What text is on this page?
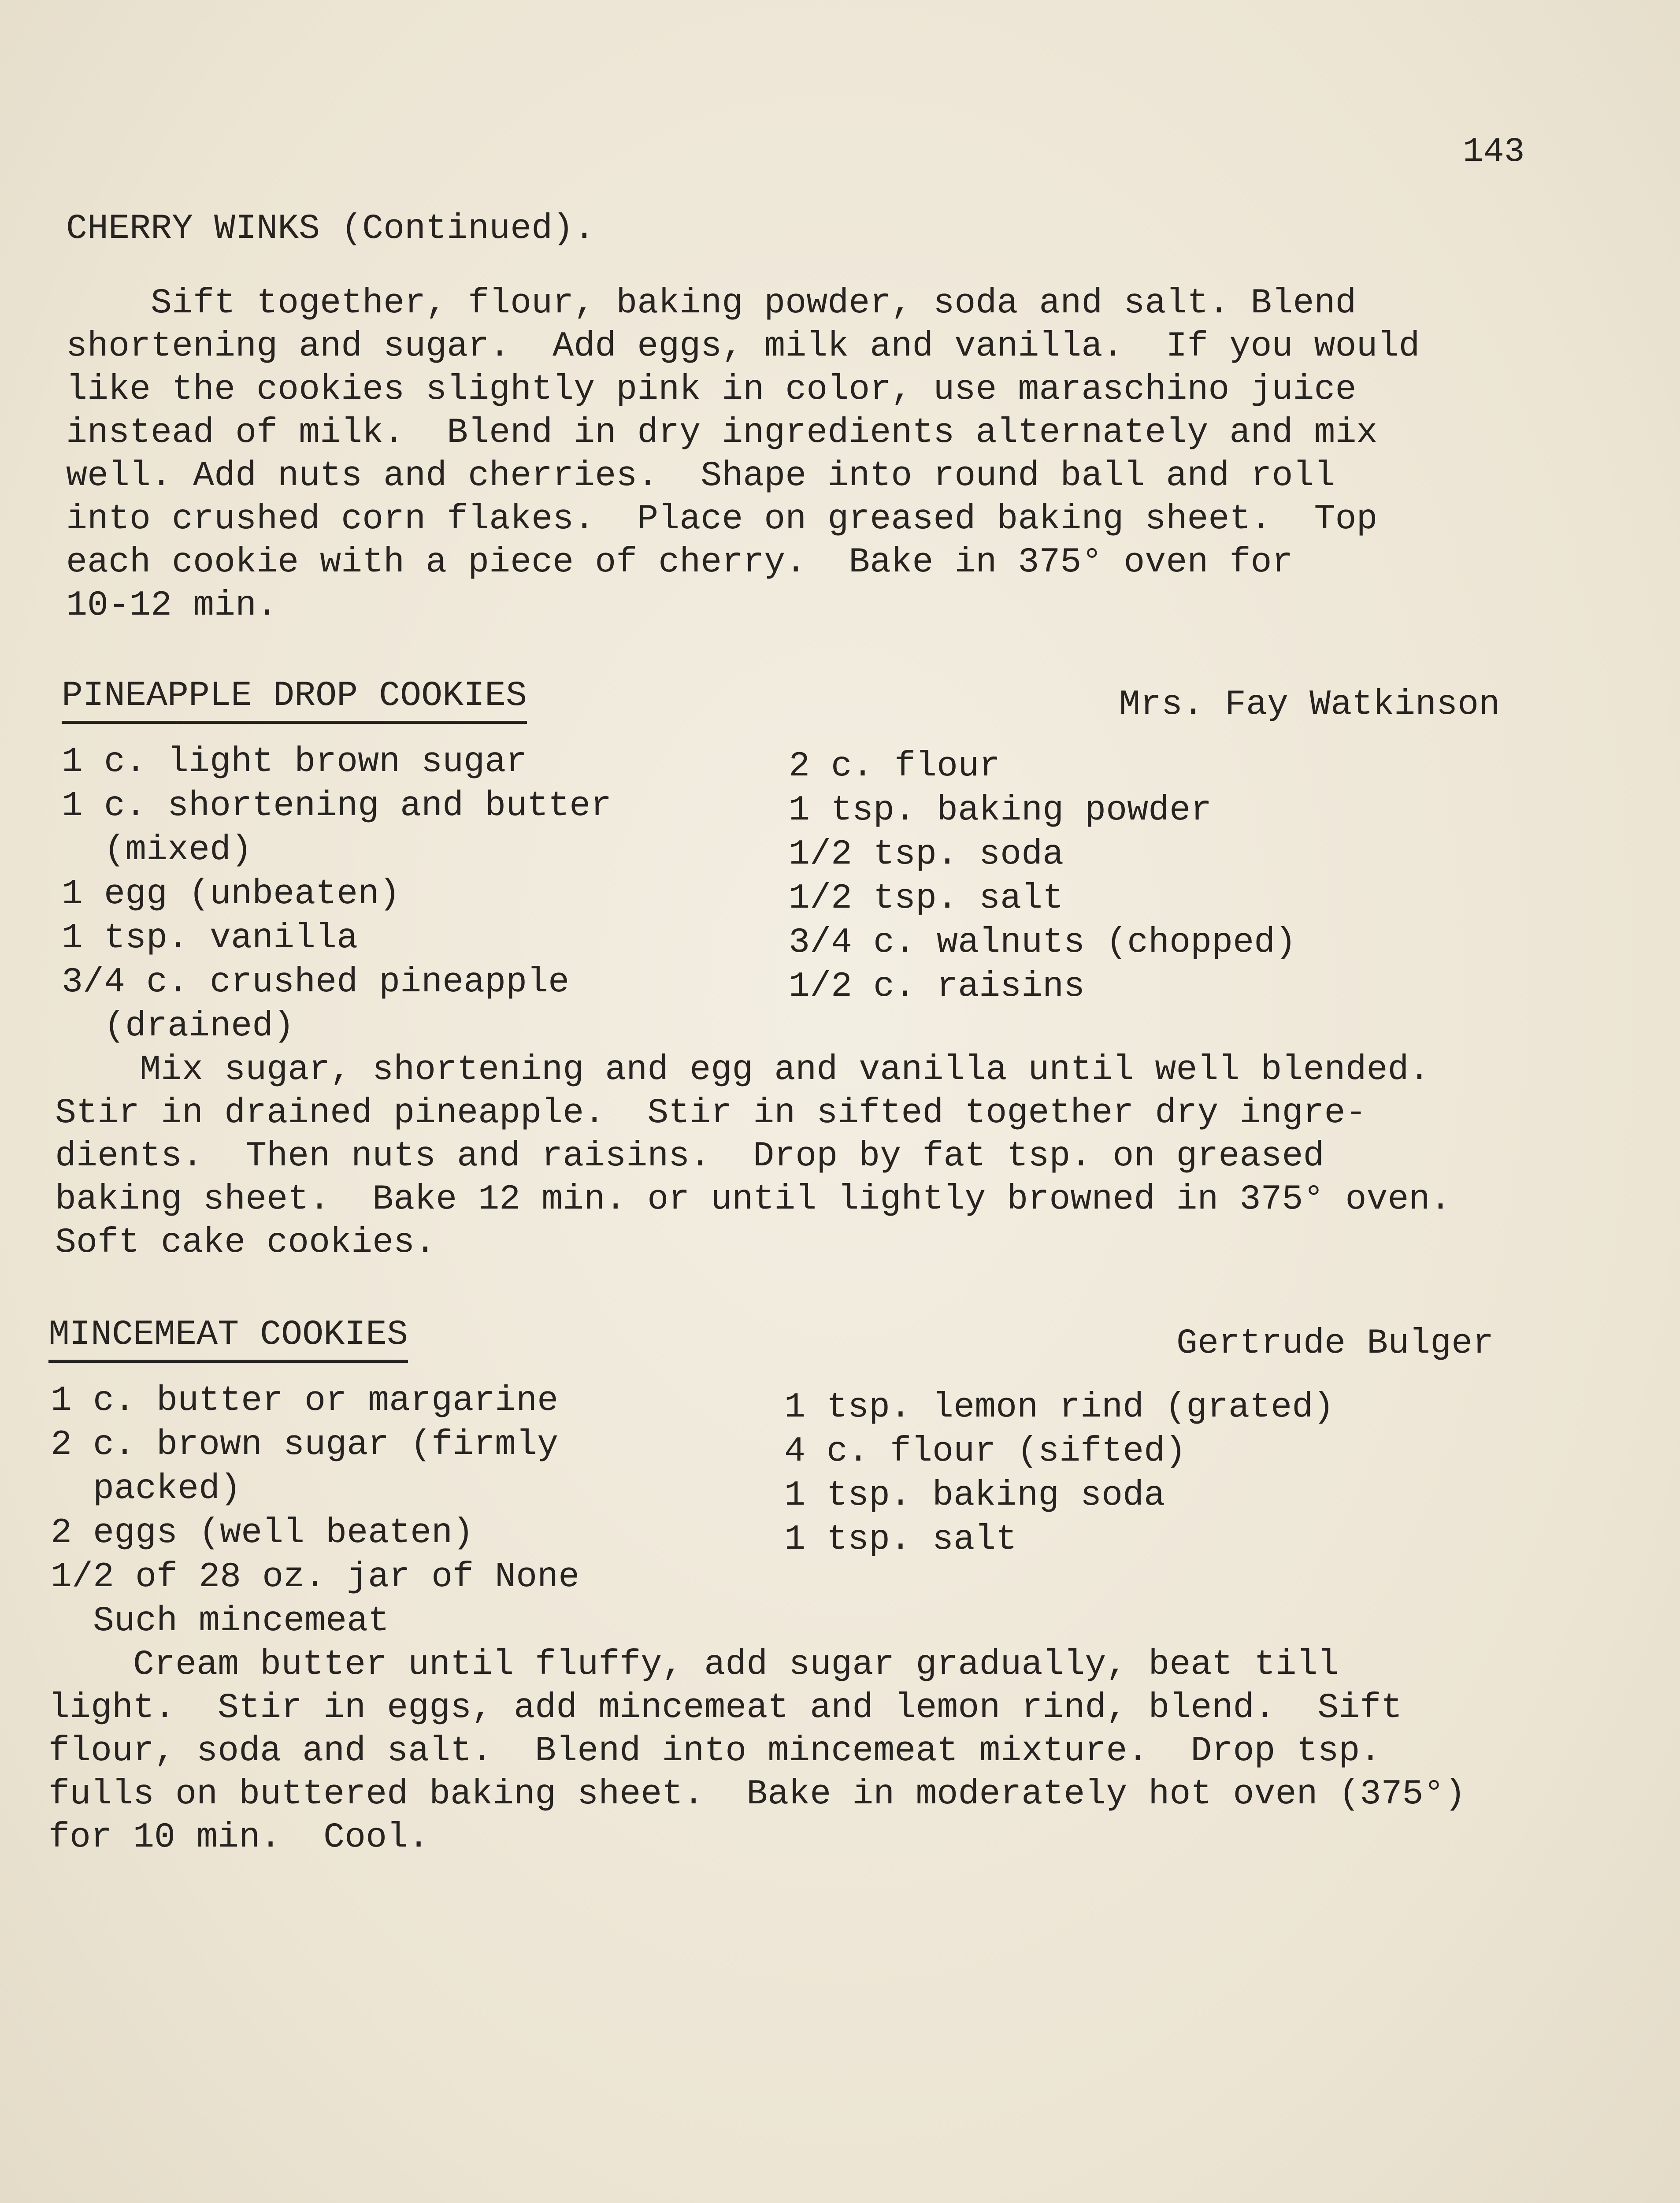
143
CHERRY WINKS (Continued).
Sift together, flour, baking powder, soda and salt. Blend
shortening and sugar.  Add eggs, milk and vanilla.  If you would
like the cookies slightly pink in color, use maraschino juice
instead of milk.  Blend in dry ingredients alternately and mix
well. Add nuts and cherries.  Shape into round ball and roll
into crushed corn flakes.  Place on greased baking sheet.  Top
each cookie with a piece of cherry.  Bake in 375° oven for
10-12 min.
PINEAPPLE DROP COOKIES	Mrs. Fay Watkinson
1 c. light brown sugar
1 c. shortening and butter
(mixed)
1 egg (unbeaten)
1 tsp. vanilla
3/4 c. crushed pineapple
(drained)
2 c. flour
1 tsp. baking powder
1/2 tsp. soda
1/2 tsp. salt
3/4 c. walnuts (chopped)
1/2 c. raisins
Mix sugar, shortening and egg and vanilla until well blended.
Stir in drained pineapple.  Stir in sifted together dry ingre-
dients.  Then nuts and raisins.  Drop by fat tsp. on greased
baking sheet.  Bake 12 min. or until lightly browned in 375° oven.
Soft cake cookies.
MINCEMEAT COOKIES	Gertrude Bulger
1 c. butter or margarine
2 c. brown sugar (firmly
packed)
2 eggs (well beaten)
1/2 of 28 oz. jar of None
Such mincemeat
1 tsp. lemon rind (grated)
4 c. flour (sifted)
1 tsp. baking soda
1 tsp. salt
Cream butter until fluffy, add sugar gradually, beat till
light.  Stir in eggs, add mincemeat and lemon rind, blend.  Sift
flour, soda and salt.  Blend into mincemeat mixture.  Drop tsp.
fulls on buttered baking sheet.  Bake in moderately hot oven (375°)
for 10 min.  Cool.
